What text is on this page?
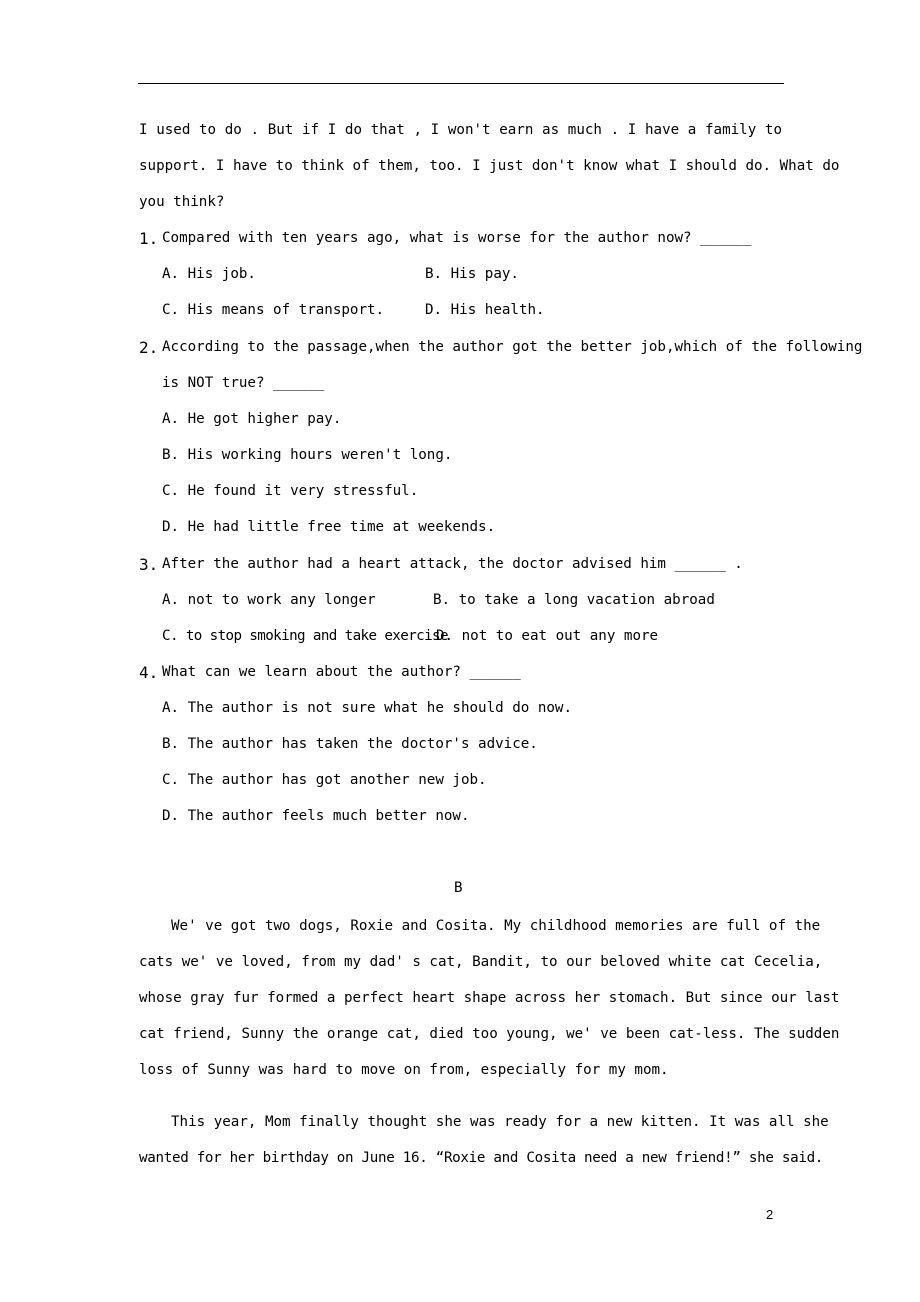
I used to do . But if I do that , I won't earn as much . I have a family to
support. I have to think of them, too. I just don't know what I should do. What do
you think?
1. Compared with ten years ago, what is worse for the author now? ______
A. His job.	B. His pay.
C. His means of transport.	D. His health.
2. According to the passage,when the author got the better job,which of the following
is NOT true? ______
A. He got higher pay.
B. His working hours weren't long.
C. He found it very stressful.
D. He had little free time at weekends.
3. After the author had a heart attack, the doctor advised him ______ .
A. not to work any longer	B. to take a long vacation abroad
C. to stop smoking and take exercise
D. not to eat out any more
4. What can we learn about the author? ______
A. The author is not sure what he should do now.
B. The author has taken the doctor's advice.
C. The author has got another new job.
D. The author feels much better now.
B
We' ve got two dogs, Roxie and Cosita. My childhood memories are full of the
cats we' ve loved, from my dad' s cat, Bandit, to our beloved white cat Cecelia,
whose gray fur formed a perfect heart shape across her stomach. But since our last
cat friend, Sunny the orange cat, died too young, we' ve been cat-less. The sudden
loss of Sunny was hard to move on from, especially for my mom.
This year, Mom finally thought she was ready for a new kitten. It was all she
wanted for her birthday on June 16. “Roxie and Cosita need a new friend!” she said.
2
